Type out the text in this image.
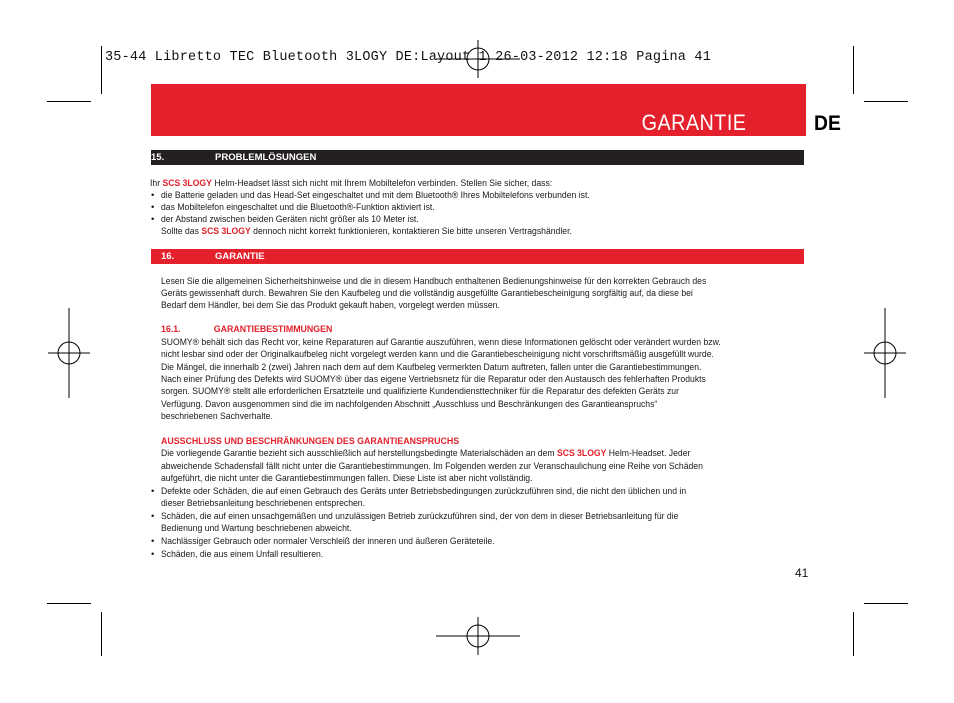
35-44 Libretto TEC Bluetooth 3LOGY DE:Layout 1 26-03-2012 12:18 Pagina 41
GARANTIE	DE
15.	PROBLEMLÖSUNGEN
Ihr SCS 3LOGY Helm-Headset lässt sich nicht mit Ihrem Mobiltelefon verbinden. Stellen Sie sicher, dass:
• die Batterie geladen und das Head-Set eingeschaltet und mit dem Bluetooth® Ihres Mobiltelefons verbunden ist.
• das Mobiltelefon eingeschaltet und die Bluetooth®-Funktion aktiviert ist.
• der Abstand zwischen beiden Geräten nicht größer als 10 Meter ist.
Sollte das SCS 3LOGY dennoch nicht korrekt funktionieren, kontaktieren Sie bitte unseren Vertragshändler.
16.	GARANTIE
Lesen Sie die allgemeinen Sicherheitshinweise und die in diesem Handbuch enthaltenen Bedienungshinweise für den korrekten Gebrauch des
Geräts gewissenhaft durch. Bewahren Sie den Kaufbeleg und die vollständig ausgefüllte Garantiebescheinigung sorgfältig auf, da diese bei
Bedarf dem Händler, bei dem Sie das Produkt gekauft haben, vorgelegt werden müssen.
16.1.	GARANTIEBESTIMMUNGEN
SUOMY® behält sich das Recht vor, keine Reparaturen auf Garantie auszuführen, wenn diese Informationen gelöscht oder verändert wurden bzw.
nicht lesbar sind oder der Originalkaufbeleg nicht vorgelegt werden kann und die Garantiebescheinigung nicht vorschriftsmäßig ausgefüllt wurde.
Die Mängel, die innerhalb 2 (zwei) Jahren nach dem auf dem Kaufbeleg vermerkten Datum auftreten, fallen unter die Garantiebestimmungen.
Nach einer Prüfung des Defekts wird SUOMY® über das eigene Vertriebsnetz für die Reparatur oder den Austausch des fehlerhaften Produkts
sorgen. SUOMY® stellt alle erforderlichen Ersatzteile und qualifizierte Kundendiensttechniker für die Reparatur des defekten Geräts zur
Verfügung. Davon ausgenommen sind die im nachfolgenden Abschnitt „Ausschluss und Beschränkungen des Garantieanspruchs“
beschriebenen Sachverhalte.
AUSSCHLUSS UND BESCHRÄNKUNGEN DES GARANTIEANSPRUCHS
Die vorliegende Garantie bezieht sich ausschließlich auf herstellungsbedingte Materialschäden an dem SCS 3LOGY Helm-Headset. Jeder
abweichende Schadensfall fällt nicht unter die Garantiebestimmungen. Im Folgenden werden zur Veranschaulichung eine Reihe von Schäden
aufgeführt, die nicht unter die Garantiebestimmungen fallen. Diese Liste ist aber nicht vollständig.
• Defekte oder Schäden, die auf einen Gebrauch des Geräts unter Betriebsbedingungen zurückzuführen sind, die nicht den üblichen und in
dieser Betriebsanleitung beschriebenen entsprechen.
• Schäden, die auf einen unsachgemäßen und unzulässigen Betrieb zurückzuführen sind, der von dem in dieser Betriebsanleitung für die
Bedienung und Wartung beschriebenen abweicht.
• Nachlässiger Gebrauch oder normaler Verschleiß der inneren und äußeren Geräteteile.
• Schäden, die aus einem Unfall resultieren.
41
